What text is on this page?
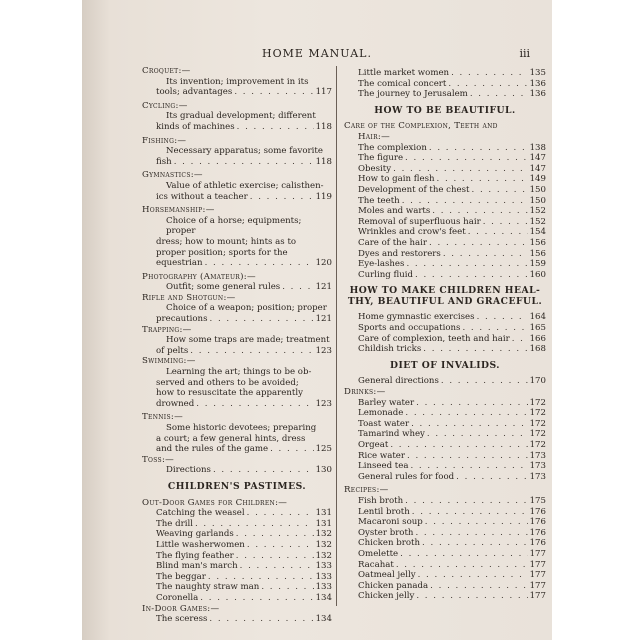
HOME MANUAL.	iii
Croquet:—
Its invention; improvement in its
tools; advantages . . .	117
Cycling:—
Its gradual development; different
kinds of machines . . .	118
Fishing:—
Necessary apparatus; some favorite
fish . . .	118
Gymnastics:—
Value of athletic exercise; calisthen-
ics without a teacher . . .	119
Horsemanship:—
Choice of a horse; equipments; proper
dress; how to mount; hints as to
proper position; sports for the
equestrian . . .	120
Photography (Amateur):—
Outfit; some general rules . . .	121
Rifle and Shotgun:—
Choice of a weapon; position; proper
precautions . . .	121
Trapping:—
How some traps are made; treatment
of pelts . . .	123
Swimming:—
Learning the art; things to be ob-
served and others to be avoided;
how to resuscitate the apparently
drowned . . .	123
Tennis:—
Some historic devotees; preparing
a court; a few general hints, dress
and the rules of the game . . .	125
Toss:—
Directions . . .	130
CHILDREN'S PASTIMES.
Out-Door Games for Children:—
Catching the weasel . . .	131
The drill . . .	131
Weaving garlands . . .	132
Little washerwomen . . .	132
The flying feather . . .	132
Blind man's march . . .	133
The beggar . . .	133
The naughty straw man . . .	133
Coronella . . .	134
In-Door Games:—
The sceress . . .	134
Little market women . . .	135
The comical concert . . .	136
The journey to Jerusalem . . .	136
HOW TO BE BEAUTIFUL.
Care of the Complexion, Teeth and
Hair:—
The complexion . . .	138
The figure . . .	147
Obesity . . .	147
How to gain flesh . . .	149
Development of the chest . . .	150
The teeth . . .	150
Moles and warts . . .	152
Removal of superfluous hair . . .	152
Wrinkles and crow's feet . . .	154
Care of the hair . . .	156
Dyes and restorers . . .	156
Eye-lashes . . .	159
Curling fluid . . .	160
HOW TO MAKE CHILDREN HEAL-
THY, BEAUTIFUL AND GRACEFUL.
Home gymnastic exercises . . .	164
Sports and occupations . . .	165
Care of complexion, teeth and hair . . . 166
Childish tricks . . .	168
DIET OF INVALIDS.
General directions . . .	170
Drinks:—
Barley water . . .	172
Lemonade . . .	172
Toast water . . .	172
Tamarind whey . . .	172
Orgeat . . .	172
Rice water . . .	173
Linseed tea . . .	173
General rules for food . . .	173
Recipes:—
Fish broth . . .	175
Lentil broth . . .	176
Macaroni soup . . .	176
Oyster broth . . .	176
Chicken broth . . .	176
Omelette . . .	177
Racahat . . .	177
Oatmeal jelly . . .	177
Chicken panada . . .	177
Chicken jelly . . .	177
